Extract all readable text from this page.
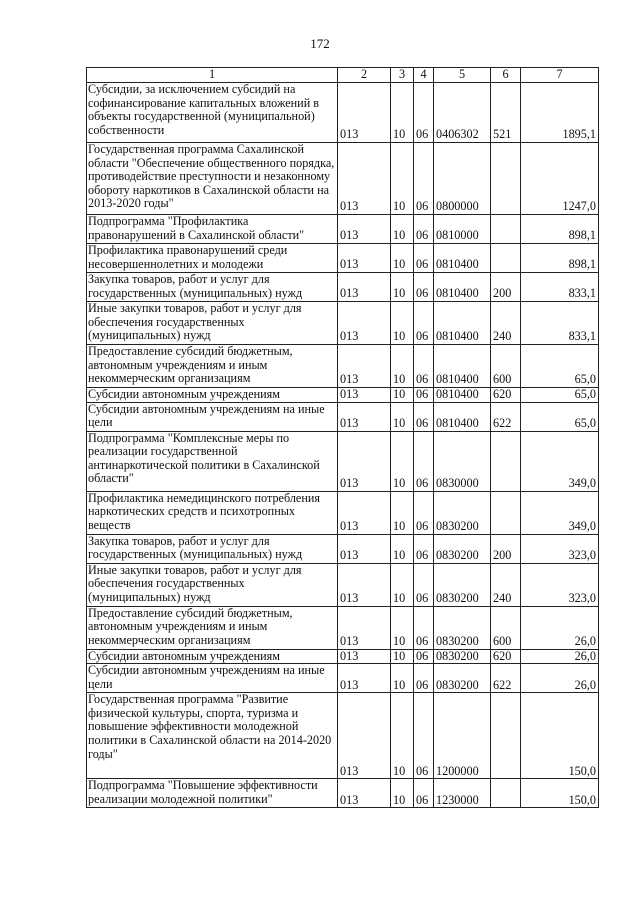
172
1	2	3	4	5	6	7
Субсидии, за исключением субсидий на софинансирование капитальных вложений в объекты государственной (муниципальной) собственности	013	10	06	0406302	521	1895,1
Государственная программа Сахалинской области "Обеспечение общественного порядка, противодействие преступности и незаконному обороту наркотиков в Сахалинской области на 2013-2020 годы"	013	10	06	0800000		1247,0
Подпрограмма "Профилактика правонарушений в Сахалинской области"	013	10	06	0810000		898,1
Профилактика правонарушений среди несовершеннолетних и молодежи	013	10	06	0810400		898,1
Закупка товаров, работ и услуг для государственных (муниципальных) нужд	013	10	06	0810400	200	833,1
Иные закупки товаров, работ и услуг для обеспечения государственных (муниципальных) нужд	013	10	06	0810400	240	833,1
Предоставление субсидий бюджетным, автономным учреждениям и иным некоммерческим организациям	013	10	06	0810400	600	65,0
Субсидии автономным учреждениям	013	10	06	0810400	620	65,0
Субсидии автономным учреждениям на иные цели	013	10	06	0810400	622	65,0
Подпрограмма "Комплексные меры по реализации государственной антинаркотической политики в Сахалинской области"	013	10	06	0830000		349,0
Профилактика немедицинского потребления наркотических средств и психотропных веществ	013	10	06	0830200		349,0
Закупка товаров, работ и услуг для государственных (муниципальных) нужд	013	10	06	0830200	200	323,0
Иные закупки товаров, работ и услуг для обеспечения государственных (муниципальных) нужд	013	10	06	0830200	240	323,0
Предоставление субсидий бюджетным, автономным учреждениям и иным некоммерческим организациям	013	10	06	0830200	600	26,0
Субсидии автономным учреждениям	013	10	06	0830200	620	26,0
Субсидии автономным учреждениям на иные цели	013	10	06	0830200	622	26,0
Государственная программа "Развитие физической культуры, спорта, туризма и повышение эффективности молодежной политики в Сахалинской области на 2014-2020 годы"	013	10	06	1200000		150,0
Подпрограмма "Повышение эффективности реализации молодежной политики"	013	10	06	1230000		150,0
